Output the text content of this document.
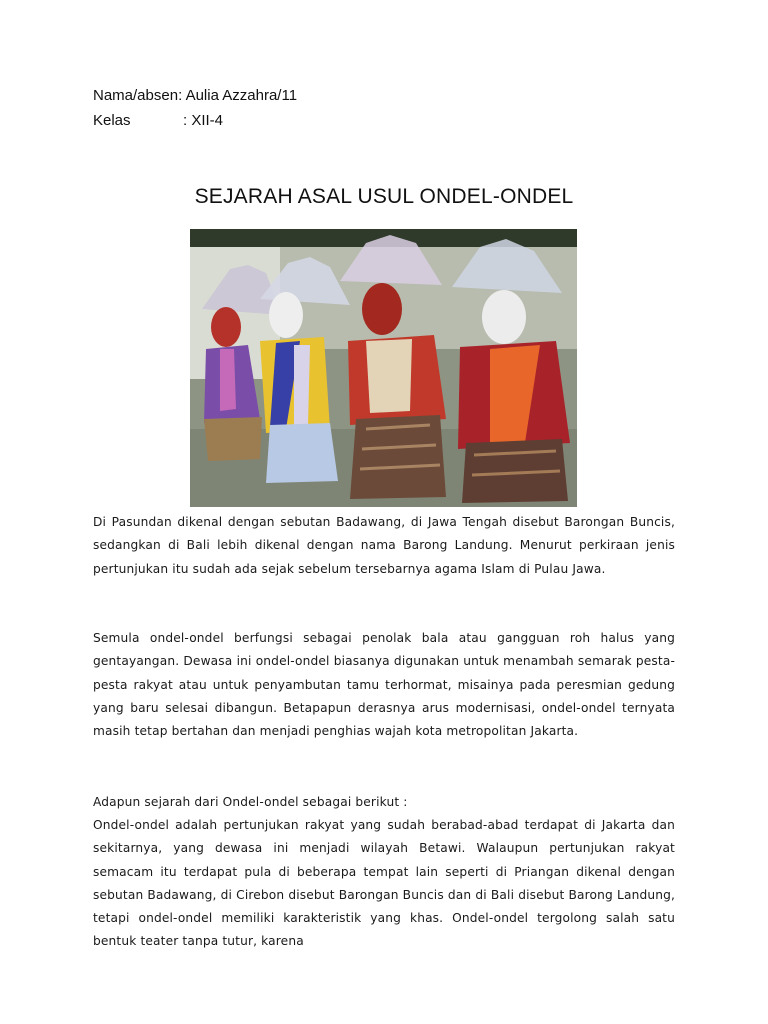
Nama/absen: Aulia Azzahra/11
Kelas	: XII-4
SEJARAH ASAL USUL ONDEL-ONDEL

Di Pasundan dikenal dengan sebutan Badawang, di Jawa Tengah disebut Barongan Buncis, sedangkan di Bali lebih dikenal dengan nama Barong Landung. Menurut perkiraan jenis pertunjukan itu sudah ada sejak sebelum tersebarnya agama Islam di Pulau Jawa.

Semula ondel-ondel berfungsi sebagai penolak bala atau gangguan roh halus yang gentayangan. Dewasa ini ondel-ondel biasanya digunakan untuk menambah semarak pesta- pesta rakyat atau untuk penyambutan tamu terhormat, misainya pada peresmian gedung yang baru selesai dibangun. Betapapun derasnya arus modernisasi, ondel-ondel ternyata masih tetap bertahan dan menjadi penghias wajah kota metropolitan Jakarta.

Adapun sejarah dari Ondel-ondel sebagai berikut :

Ondel-ondel adalah pertunjukan rakyat yang sudah berabad-abad terdapat di Jakarta dan sekitarnya, yang dewasa ini menjadi wilayah Betawi. Walaupun pertunjukan rakyat semacam itu terdapat pula di beberapa tempat lain seperti di Priangan dikenal dengan sebutan Badawang, di Cirebon disebut Barongan Buncis dan di Bali disebut Barong Landung, tetapi ondel-ondel memiliki karakteristik yang khas. Ondel-ondel tergolong salah satu bentuk teater tanpa tutur, karena
